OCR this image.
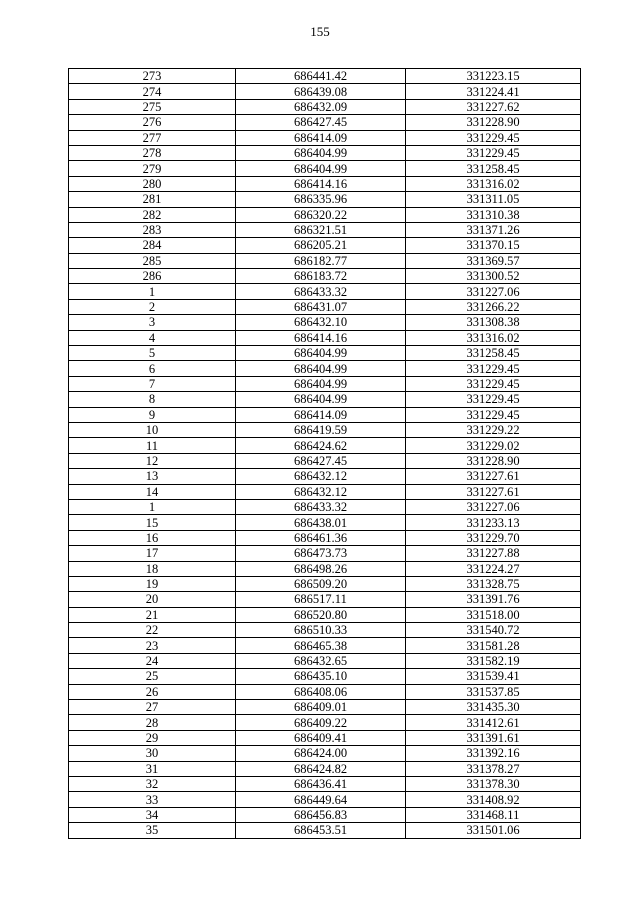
155
273	686441.42	331223.15
274	686439.08	331224.41
275	686432.09	331227.62
276	686427.45	331228.90
277	686414.09	331229.45
278	686404.99	331229.45
279	686404.99	331258.45
280	686414.16	331316.02
281	686335.96	331311.05
282	686320.22	331310.38
283	686321.51	331371.26
284	686205.21	331370.15
285	686182.77	331369.57
286	686183.72	331300.52
1	686433.32	331227.06
2	686431.07	331266.22
3	686432.10	331308.38
4	686414.16	331316.02
5	686404.99	331258.45
6	686404.99	331229.45
7	686404.99	331229.45
8	686404.99	331229.45
9	686414.09	331229.45
10	686419.59	331229.22
11	686424.62	331229.02
12	686427.45	331228.90
13	686432.12	331227.61
14	686432.12	331227.61
1	686433.32	331227.06
15	686438.01	331233.13
16	686461.36	331229.70
17	686473.73	331227.88
18	686498.26	331224.27
19	686509.20	331328.75
20	686517.11	331391.76
21	686520.80	331518.00
22	686510.33	331540.72
23	686465.38	331581.28
24	686432.65	331582.19
25	686435.10	331539.41
26	686408.06	331537.85
27	686409.01	331435.30
28	686409.22	331412.61
29	686409.41	331391.61
30	686424.00	331392.16
31	686424.82	331378.27
32	686436.41	331378.30
33	686449.64	331408.92
34	686456.83	331468.11
35	686453.51	331501.06
